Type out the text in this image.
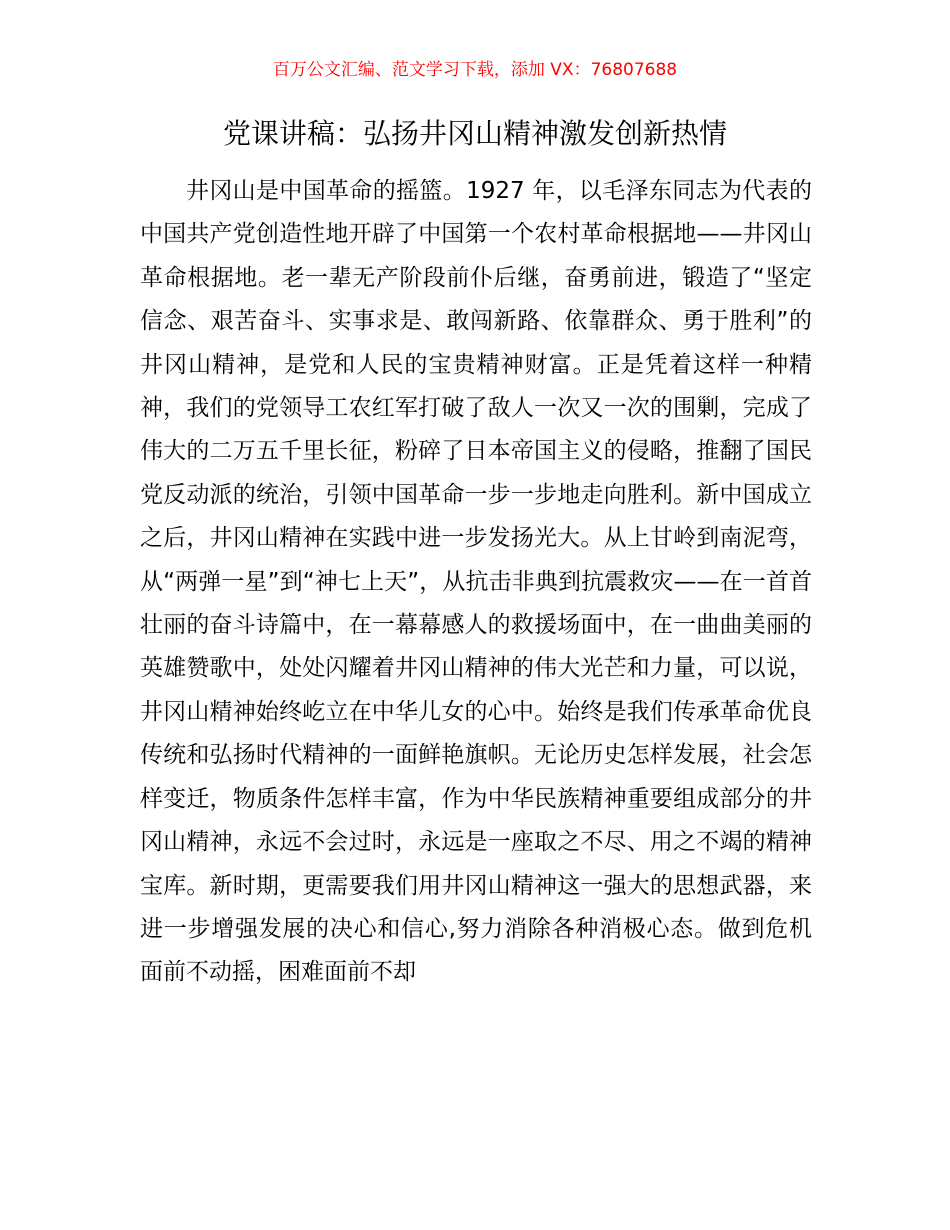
百万公文汇编、范文学习下载，添加 VX：76807688
党课讲稿：弘扬井冈山精神激发创新热情

井冈山是中国革命的摇篮。1927 年，以毛泽东同志为代表的中国共产党创造性地开辟了中国第一个农村革命根据地——井冈山革命根据地。老一辈无产阶段前仆后继，奋勇前进，锻造了“坚定信念、艰苦奋斗、实事求是、敢闯新路、依靠群众、勇于胜利”的井冈山精神，是党和人民的宝贵精神财富。正是凭着这样一种精神，我们的党领导工农红军打破了敌人一次又一次的围剿，完成了伟大的二万五千里长征，粉碎了日本帝国主义的侵略，推翻了国民党反动派的统治，引领中国革命一步一步地走向胜利。新中国成立之后，井冈山精神在实践中进一步发扬光大。从上甘岭到南泥弯，从“两弹一星”到“神七上天”，从抗击非典到抗震救灾——在一首首壮丽的奋斗诗篇中，在一幕幕感人的救援场面中，在一曲曲美丽的英雄赞歌中，处处闪耀着井冈山精神的伟大光芒和力量，可以说，井冈山精神始终屹立在中华儿女的心中。始终是我们传承革命优良传统和弘扬时代精神的一面鲜艳旗帜。无论历史怎样发展，社会怎样变迁，物质条件怎样丰富，作为中华民族精神重要组成部分的井冈山精神，永远不会过时，永远是一座取之不尽、用之不竭的精神宝库。新时期，更需要我们用井冈山精神这一强大的思想武器，来进一步增强发展的决心和信心,努力消除各种消极心态。做到危机面前不动摇，困难面前不却
